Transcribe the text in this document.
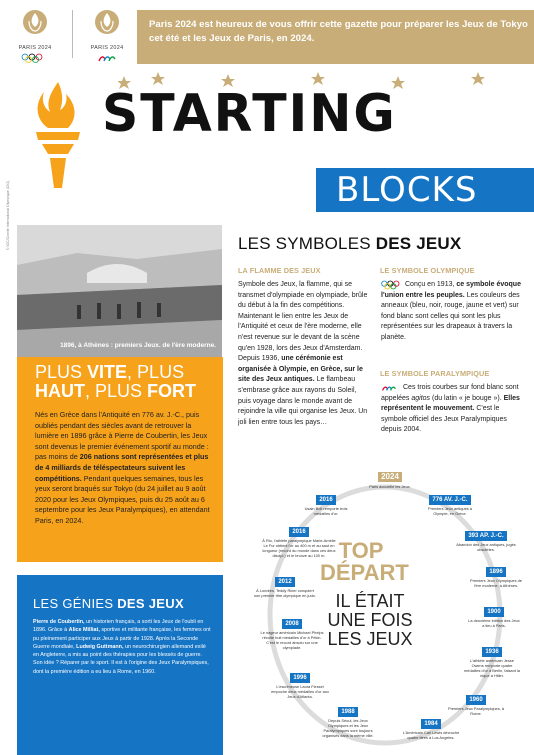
PARIS 2024	PARIS 2024
Paris 2024 est heureux de vous offrir cette gazette pour préparer les Jeux de Tokyo cet été et les Jeux de Paris, en 2024.
STARTING
BLOCKS
© IOC/Comité International Olympique (CIO)
1896, à Athènes : premiers Jeux. de l'ère moderne.
PLUS VITE, PLUS
HAUT, PLUS FORT
Nés en Grèce dans l'Antiquité en 776 av. J.-C., puis oubliés pendant des siècles avant de retrouver la lumière en 1896 grâce à Pierre de Coubertin, les Jeux sont devenus le premier événement sportif au monde : pas moins de 206 nations sont représentées et plus de 4 milliards de téléspectateurs suivent les compétitions. Pendant quelques semaines, tous les yeux seront braqués sur Tokyo (du 24 juillet au 9 août 2020 pour les Jeux Olympiques, puis du 25 août au 6 septembre pour les Jeux Paralympiques), en attendant Paris, en 2024.
LES GÉNIES DES JEUX
Pierre de Coubertin, un historien français, a sorti les Jeux de l'oubli en 1896. Grâce à Alice Milliat, sportive et militante française, les femmes ont pu pleinement participer aux Jeux à partir de 1928. Après la Seconde Guerre mondiale, Ludwig Guttmann, un neurochirurgien allemand exilé en Angleterre, a mis au point des thérapies pour les blessés de guerre. Son idée ? Réparer par le sport. Il est à l'origine des Jeux Paralympiques, dont la première édition a eu lieu à Rome, en 1960.
LES SYMBOLES DES JEUX
LA FLAMME DES JEUX
Symbole des Jeux, la flamme, qui se transmet d'olympiade en olympiade, brûle du début à la fin des compétitions. Maintenant le lien entre les Jeux de l'Antiquité et ceux de l'ère moderne, elle n'est revenue sur le devant de la scène qu'en 1928, lors des Jeux d'Amsterdam. Depuis 1936, une cérémonie est organisée à Olympie, en Grèce, sur le site des Jeux antiques. Le flambeau s'embrase grâce aux rayons du Soleil, puis voyage dans le monde avant de rejoindre la ville qui organise les Jeux. Un joli lien entre tous les pays…
LE SYMBOLE OLYMPIQUE
Conçu en 1913, ce symbole évoque l'union entre les peuples. Les couleurs des anneaux (bleu, noir, rouge, jaune et vert) sur fond blanc sont celles qui sont les plus représentées sur les drapeaux à travers la planète.
LE SYMBOLE PARALYMPIQUE
Ces trois courbes sur fond blanc sont appelées agitos (du latin « je bouge »). Elles représentent le mouvement. C'est le symbole officiel des Jeux Paralympiques depuis 2004.
TOP
DÉPART
IL ÉTAIT
UNE FOIS
LES JEUX
2024
Paris accueille les Jeux.
776 AV. J.-C.
Premiers Jeux antiques à Olympie, en Grèce.
393 AP. J.-C.
Abandon des Jeux antiques, jugés obsolètes.
1896
Premiers Jeux Olympiques de l'ère moderne, à Athènes.
1900
La deuxième édition des Jeux a lieu à Paris.
1936
L'athlète américain Jesse Owens remporte quatre médailles d'or à Berlin, faisant la nique à Hitler.
1960
Premiers Jeux Paralympiques, à Rome.
1984
L'Américain Carl Lewis décroche quatre titres à Los Angeles.
1988
Depuis Séoul, les Jeux Olympiques et les Jeux Paralympiques sont toujours organisés dans la même ville.
1996
L'escrimeuse Laura Flessel empoche deux médailles d'or aux Jeux d'Atlanta.
2008
Le nageur américain Michael Phelps récolte huit médailles d'or à Pékin. C'est le record absolu sur une olympiade.
2012
À Londres, Teddy Riner conquiert son premier titre olympique en judo.
2016
À Rio, l'athlète paralympique Marie-Amélie Le Fur obtient l'or au 400 m et au saut en longueur (record du monde dans ces deux discipl.) et le bronze au 100 m.
2016
Usain Bolt remporte trois médailles d'or.
